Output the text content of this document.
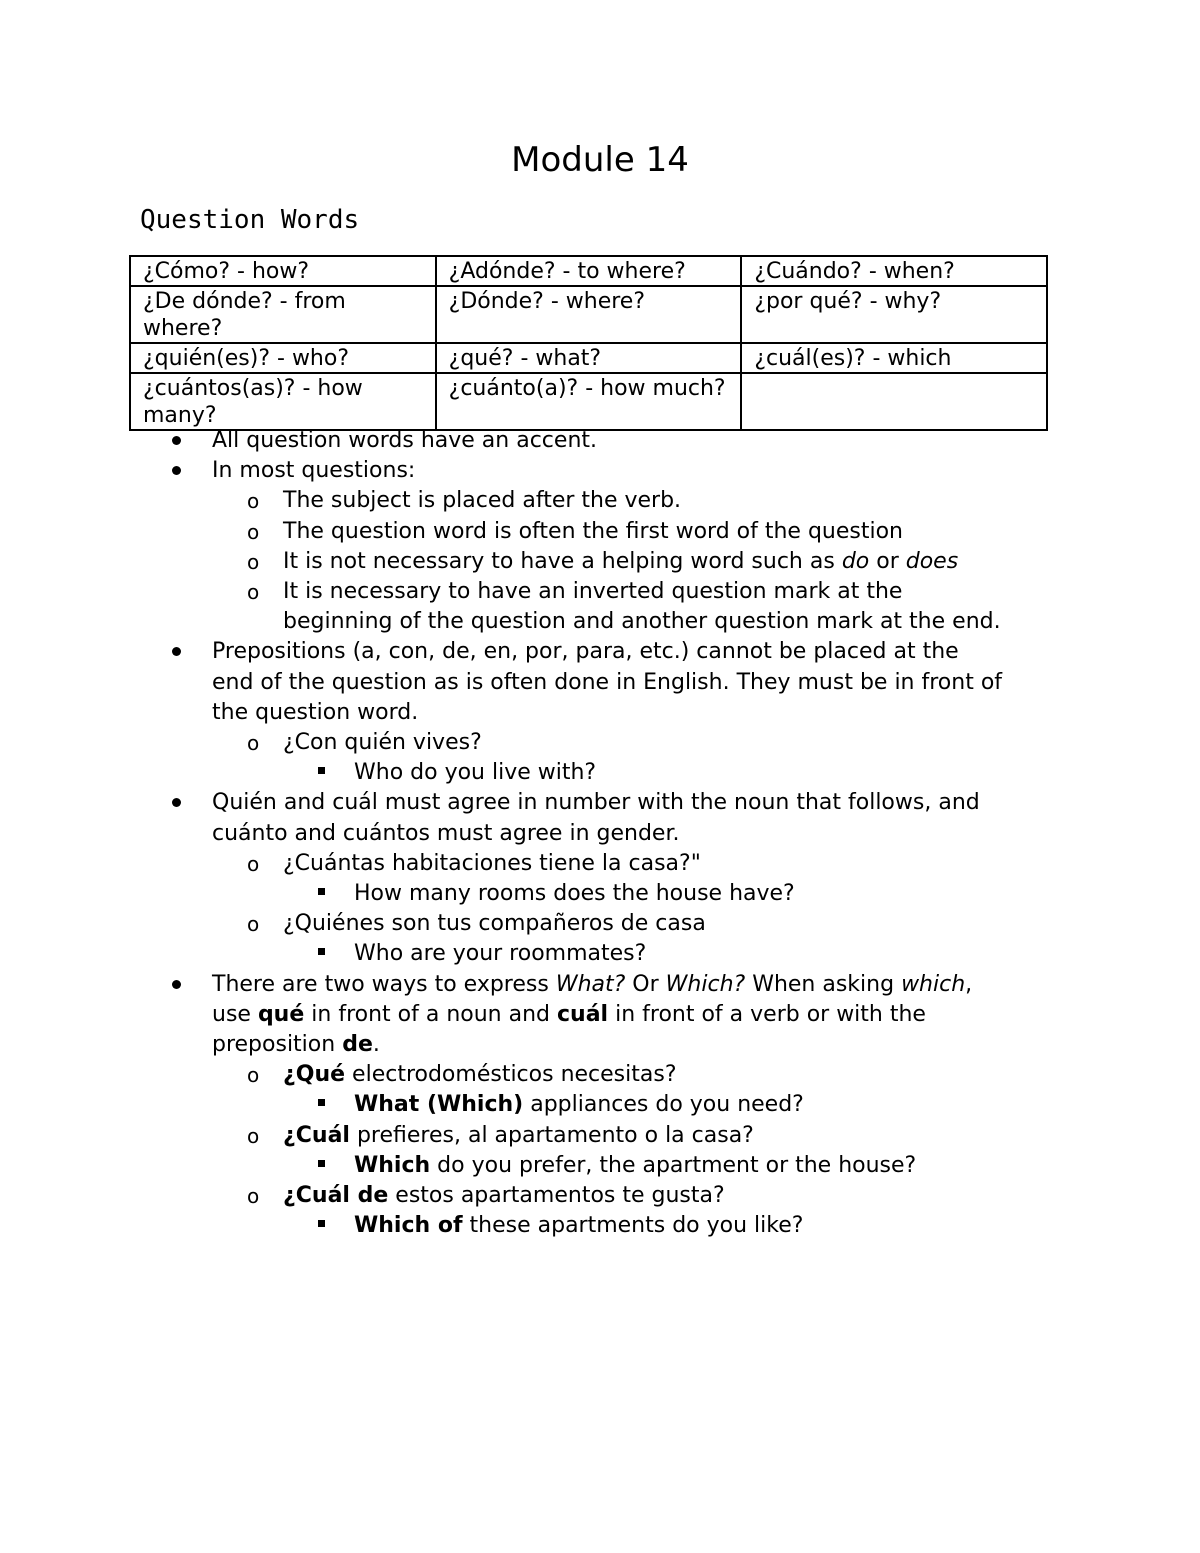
Module 14
Question Words
¿Cómo? - how?	¿Adónde? - to where?	¿Cuándo? - when?
¿De dónde? - from where?	¿Dónde? - where?	¿por qué? - why?
¿quién(es)? - who?	¿qué? - what?	¿cuál(es)? - which
¿cuántos(as)? - how many?	¿cuánto(a)? - how much?	
All question words have an accent.
In most questions:
o The subject is placed after the verb.
o The question word is often the first word of the question
o It is not necessary to have a helping word such as do or does
o It is necessary to have an inverted question mark at the
beginning of the question and another question mark at the end.
Prepositions (a, con, de, en, por, para, etc.) cannot be placed at the
end of the question as is often done in English. They must be in front of
the question word.
o ¿Con quién vives?
Who do you live with?
Quién and cuál must agree in number with the noun that follows, and
cuánto and cuántos must agree in gender.
o ¿Cuántas habitaciones tiene la casa?"
How many rooms does the house have?
o ¿Quiénes son tus compañeros de casa
Who are your roommates?
There are two ways to express What? Or Which? When asking which,
use qué in front of a noun and cuál in front of a verb or with the
preposition de.
o ¿Qué electrodomésticos necesitas?
What (Which) appliances do you need?
o ¿Cuál prefieres, al apartamento o la casa?
Which do you prefer, the apartment or the house?
o ¿Cuál de estos apartamentos te gusta?
Which of these apartments do you like?
